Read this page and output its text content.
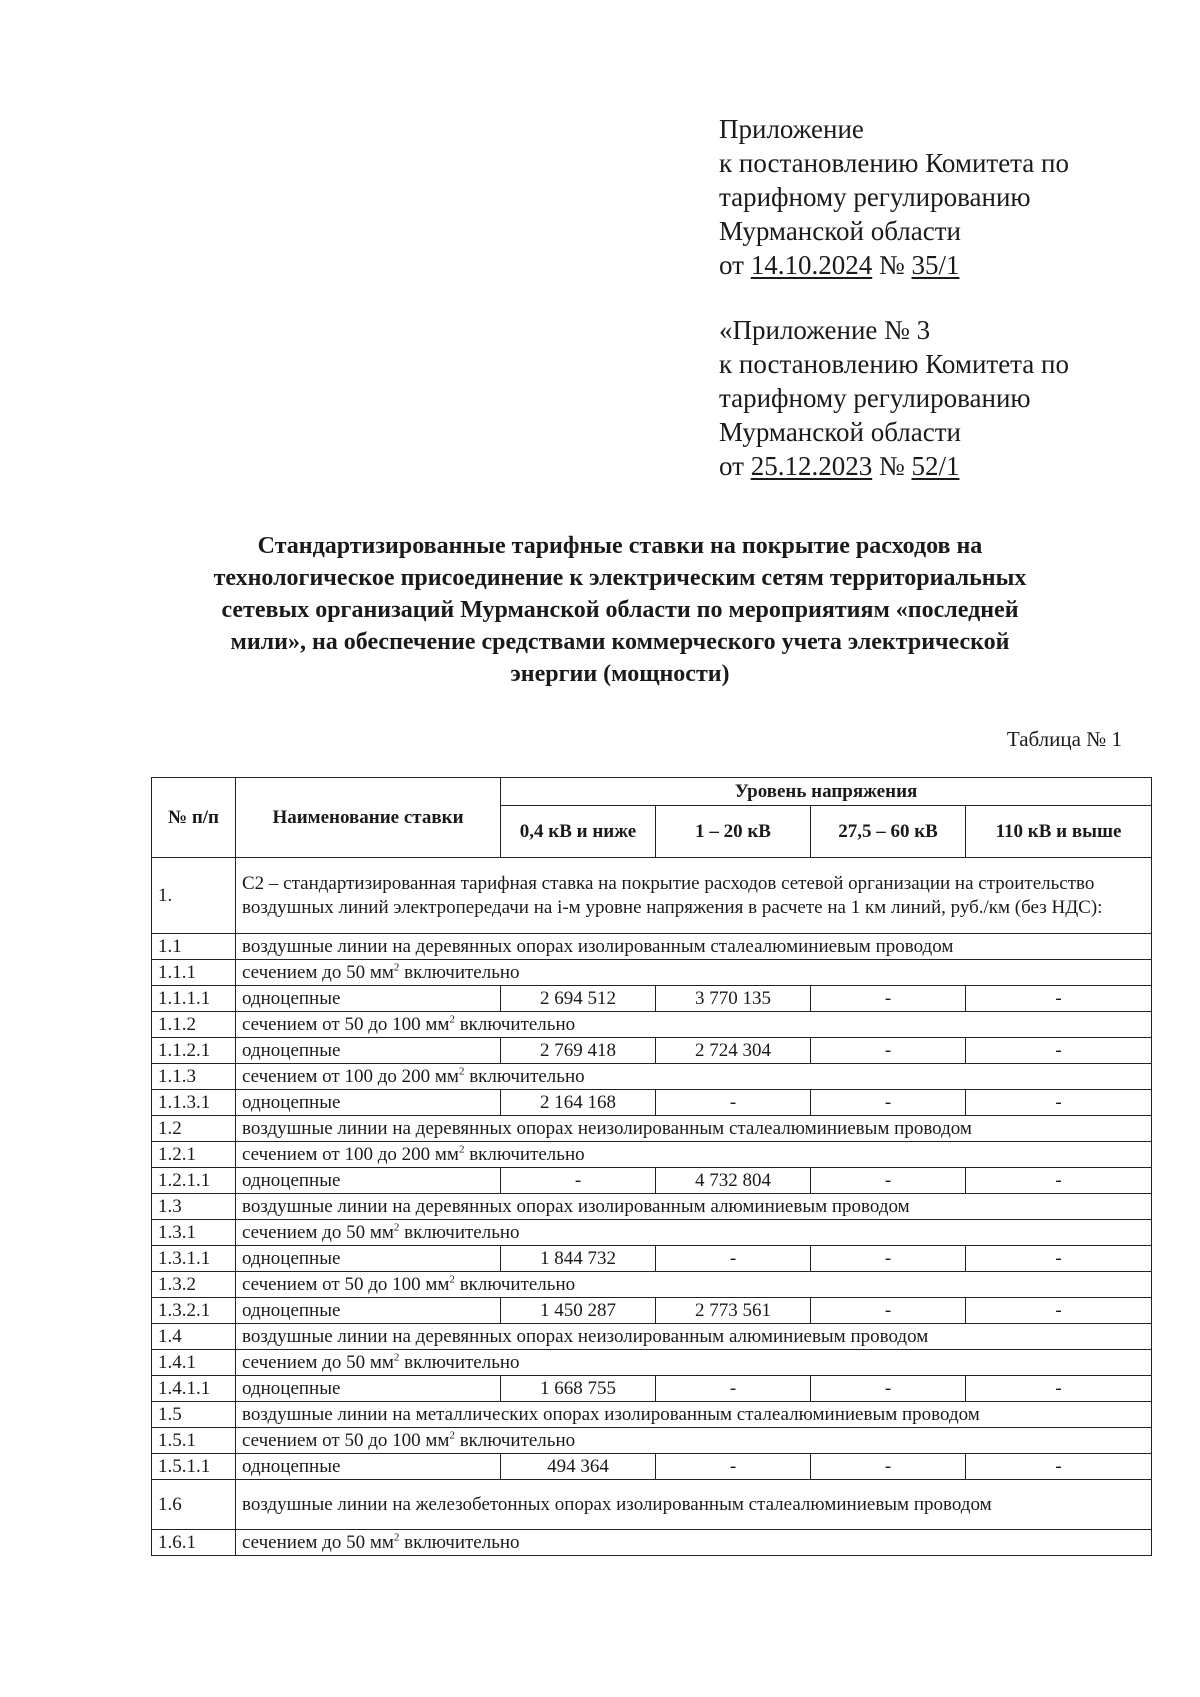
Приложение
к постановлению Комитета по
тарифному регулированию
Мурманской области
от 14.10.2024 № 35/1
«Приложение № 3
к постановлению Комитета по
тарифному регулированию
Мурманской области
от 25.12.2023 № 52/1
Стандартизированные тарифные ставки на покрытие расходов на
технологическое присоединение к электрическим сетям территориальных
сетевых организаций Мурманской области по мероприятиям «последней
мили», на обеспечение средствами коммерческого учета электрической
энергии (мощности)
Таблица № 1
№ п/п	Наименование ставки	Уровень напряжения			
		0,4 кВ и ниже	1 – 20 кВ	27,5 – 60 кВ	110 кВ и выше
1.	С2 – стандартизированная тарифная ставка на покрытие расходов сетевой организации на строительство воздушных линий электропередачи на i-м уровне напряжения в расчете на 1 км линий, руб./км (без НДС):				
1.1	воздушные линии на деревянных опорах изолированным сталеалюминиевым проводом				
1.1.1	сечением до 50 $мм^2$ включительно				
1.1.1.1	одноцепные	2 694 512	3 770 135	-	-
1.1.2	сечением от 50 до 100 $мм^2$ включительно				
1.1.2.1	одноцепные	2 769 418	2 724 304	-	-
1.1.3	сечением от 100 до 200 $мм^2$ включительно				
1.1.3.1	одноцепные	2 164 168	-	-	-
1.2	воздушные линии на деревянных опорах неизолированным сталеалюминиевым проводом				
1.2.1	сечением от 100 до 200 $мм^2$ включительно				
1.2.1.1	одноцепные	-	4 732 804	-	-
1.3	воздушные линии на деревянных опорах изолированным алюминиевым проводом				
1.3.1	сечением до 50 $мм^2$ включительно				
1.3.1.1	одноцепные	1 844 732	-	-	-
1.3.2	сечением от 50 до 100 $мм^2$ включительно				
1.3.2.1	одноцепные	1 450 287	2 773 561	-	-
1.4	воздушные линии на деревянных опорах неизолированным алюминиевым проводом				
1.4.1	сечением до 50 $мм^2$ включительно				
1.4.1.1	одноцепные	1 668 755	-	-	-
1.5	воздушные линии на металлических опорах изолированным сталеалюминиевым проводом				
1.5.1	сечением от 50 до 100 $мм^2$ включительно				
1.5.1.1	одноцепные	494 364	-	-	-
1.6	воздушные линии на железобетонных опорах изолированным сталеалюминиевым проводом				
1.6.1	сечением до 50 $мм^2$ включительно				
